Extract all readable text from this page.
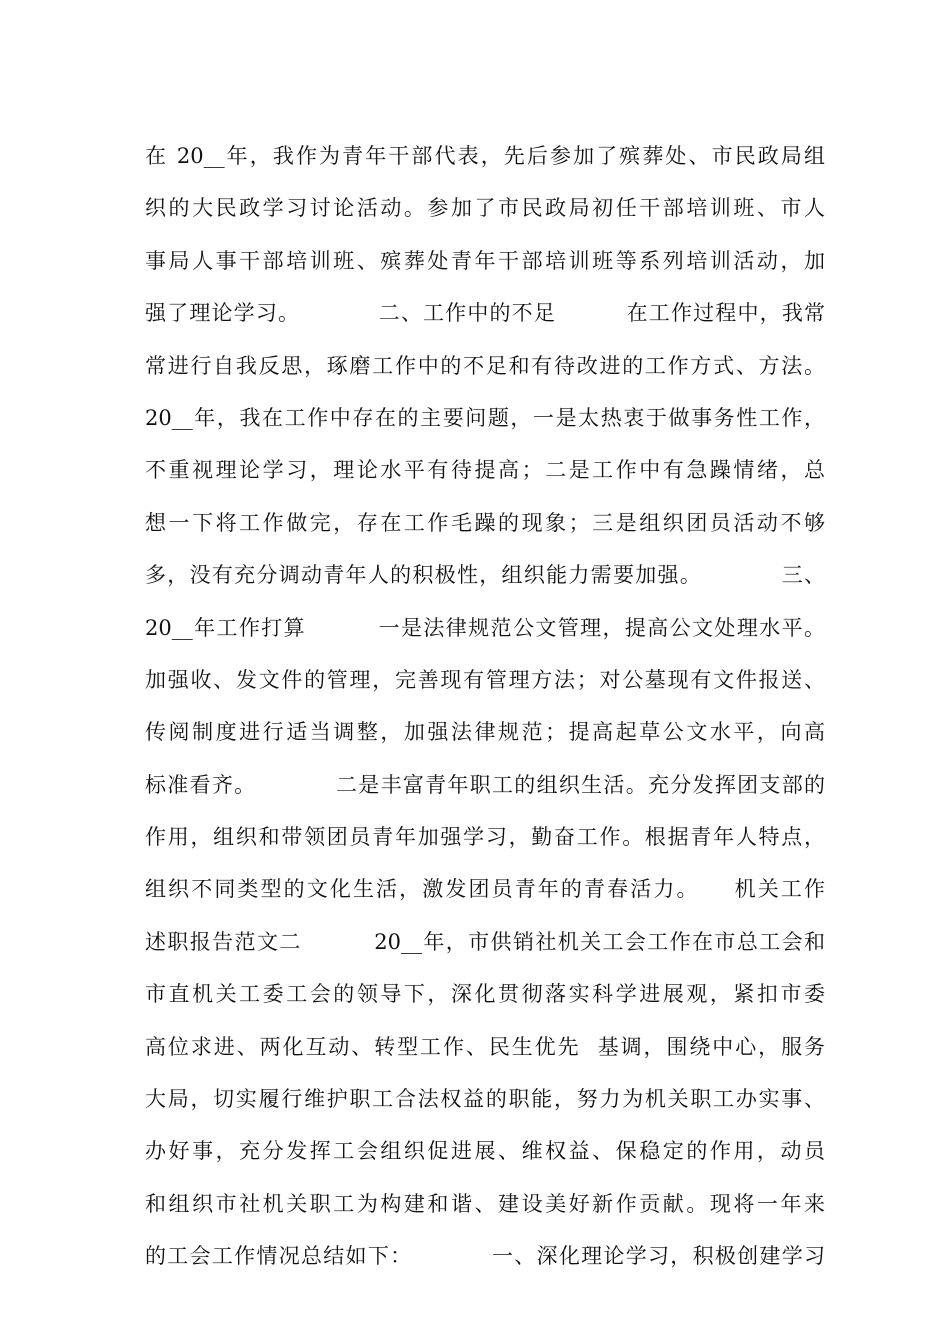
在 20__年，我作为青年干部代表，先后参加了殡葬处、市民政局组
织的大民政学习讨论活动。参加了市民政局初任干部培训班、市人
事局人事干部培训班、殡葬处青年干部培训班等系列培训活动，加
强了理论学习。          二、工作中的不足         在工作过程中，我常
常进行自我反思，琢磨工作中的不足和有待改进的工作方式、方法。
20__年，我在工作中存在的主要问题，一是太热衷于做事务性工作，
不重视理论学习，理论水平有待提高；二是工作中有急躁情绪，总
想一下将工作做完，存在工作毛躁的现象；三是组织团员活动不够
多，没有充分调动青年人的积极性，组织能力需要加强。          三、
20__年工作打算         一是法律规范公文管理，提高公文处理水平。
加强收、发文件的管理，完善现有管理方法；对公墓现有文件报送、
传阅制度进行适当调整，加强法律规范；提高起草公文水平，向高
标准看齐。          二是丰富青年职工的组织生活。充分发挥团支部的
作用，组织和带领团员青年加强学习，勤奋工作。根据青年人特点，
组织不同类型的文化生活，激发团员青年的青春活力。    机关工作
述职报告范文二         20__年，市供销社机关工会工作在市总工会和
市直机关工委工会的领导下，深化贯彻落实科学进展观，紧扣市委
高位求进、两化互动、转型工作、民生优先  基调，围绕中心，服务
大局，切实履行维护职工合法权益的职能，努力为机关职工办实事、
办好事，充分发挥工会组织促进展、维权益、保稳定的作用，动员
和组织市社机关职工为构建和谐、建设美好新作贡献。现将一年来
的工会工作情况总结如下：          一、深化理论学习，积极创建学习
